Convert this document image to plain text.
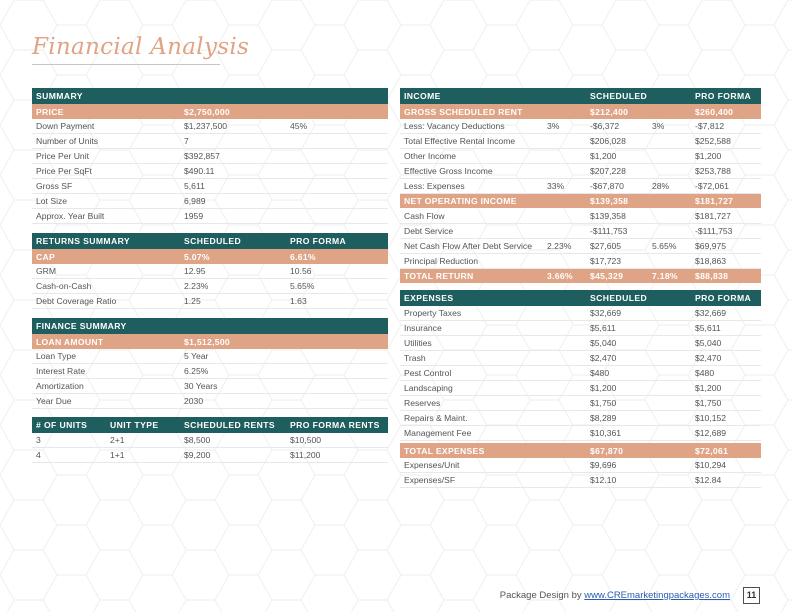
Financial Analysis
SUMMARY		
PRICE	$2,750,000	
Down Payment	$1,237,500	45%
Number of Units	7	
Price Per Unit	$392,857	
Price Per SqFt	$490.11	
Gross SF	5,611	
Lot Size	6,989	
Approx. Year Built	1959	
RETURNS SUMMARY	SCHEDULED	PRO FORMA
CAP	5.07%	6.61%
GRM	12.95	10.56
Cash-on-Cash	2.23%	5.65%
Debt Coverage Ratio	1.25	1.63
FINANCE SUMMARY		
LOAN AMOUNT	$1,512,500	
Loan Type	5 Year	
Interest Rate	6.25%	
Amortization	30 Years	
Year Due	2030	
# OF UNITS	UNIT TYPE	SCHEDULED RENTS	PRO FORMA RENTS
3	2+1	$8,500	$10,500
4	1+1	$9,200	$11,200
INCOME		SCHEDULED		PRO FORMA
GROSS SCHEDULED RENT		$212,400		$260,400
Less: Vacancy Deductions	3%	-$6,372	3%	-$7,812
Total Effective Rental Income		$206,028		$252,588
Other Income		$1,200		$1,200
Effective Gross Income		$207,228		$253,788
Less: Expenses	33%	-$67,870	28%	-$72,061
NET OPERATING INCOME		$139,358		$181,727
Cash Flow		$139,358		$181,727
Debt Service		-$111,753		-$111,753
Net Cash Flow After Debt Service	2.23%	$27,605	5.65%	$69,975
Principal Reduction		$17,723		$18,863
TOTAL RETURN	3.66%	$45,329	7.18%	$88,838
EXPENSES	SCHEDULED	PRO FORMA
Property Taxes	$32,669	$32,669
Insurance	$5,611	$5,611
Utilities	$5,040	$5,040
Trash	$2,470	$2,470
Pest Control	$480	$480
Landscaping	$1,200	$1,200
Reserves	$1,750	$1,750
Repairs & Maint.	$8,289	$10,152
Management Fee	$10,361	$12,689

TOTAL EXPENSES	$67,870	$72,061
Expenses/Unit	$9,696	$10,294
Expenses/SF	$12.10	$12.84
Package Design by www.CREmarketingpackages.com	11
